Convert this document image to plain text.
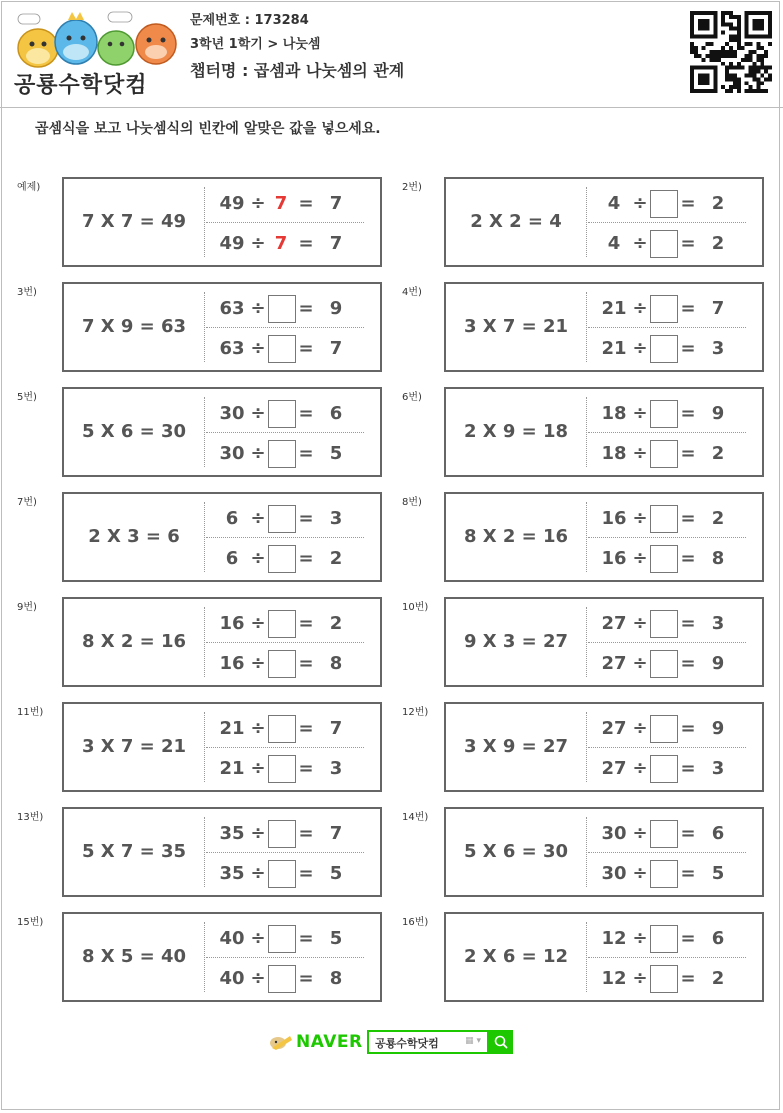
공룡수학닷컴
문제번호 : 173284
3학년 1학기 > 나눗셈
챕터명 : 곱셈과 나눗셈의 관계
곱셈식을 보고 나눗셈식의 빈칸에 알맞은 값을 넣으세요.
예제)
7 X 7 = 49
49 ÷ 7 = 7
49 ÷ 7 = 7
2번)
2 X 2 = 4
4 ÷ = 2
4 ÷ = 2
3번)
7 X 9 = 63
63 ÷ = 9
63 ÷ = 7
4번)
3 X 7 = 21
21 ÷ = 7
21 ÷ = 3
5번)
5 X 6 = 30
30 ÷ = 6
30 ÷ = 5
6번)
2 X 9 = 18
18 ÷ = 9
18 ÷ = 2
7번)
2 X 3 = 6
6 ÷ = 3
6 ÷ = 2
8번)
8 X 2 = 16
16 ÷ = 2
16 ÷ = 8
9번)
8 X 2 = 16
16 ÷ = 2
16 ÷ = 8
10번)
9 X 3 = 27
27 ÷ = 3
27 ÷ = 9
11번)
3 X 7 = 21
21 ÷ = 7
21 ÷ = 3
12번)
3 X 9 = 27
27 ÷ = 9
27 ÷ = 3
13번)
5 X 7 = 35
35 ÷ = 7
35 ÷ = 5
14번)
5 X 6 = 30
30 ÷ = 6
30 ÷ = 5
15번)
8 X 5 = 40
40 ÷ = 5
40 ÷ = 8
16번)
2 X 6 = 12
12 ÷ = 6
12 ÷ = 2
NAVER 공룡수학닷컴	▦ ▾
